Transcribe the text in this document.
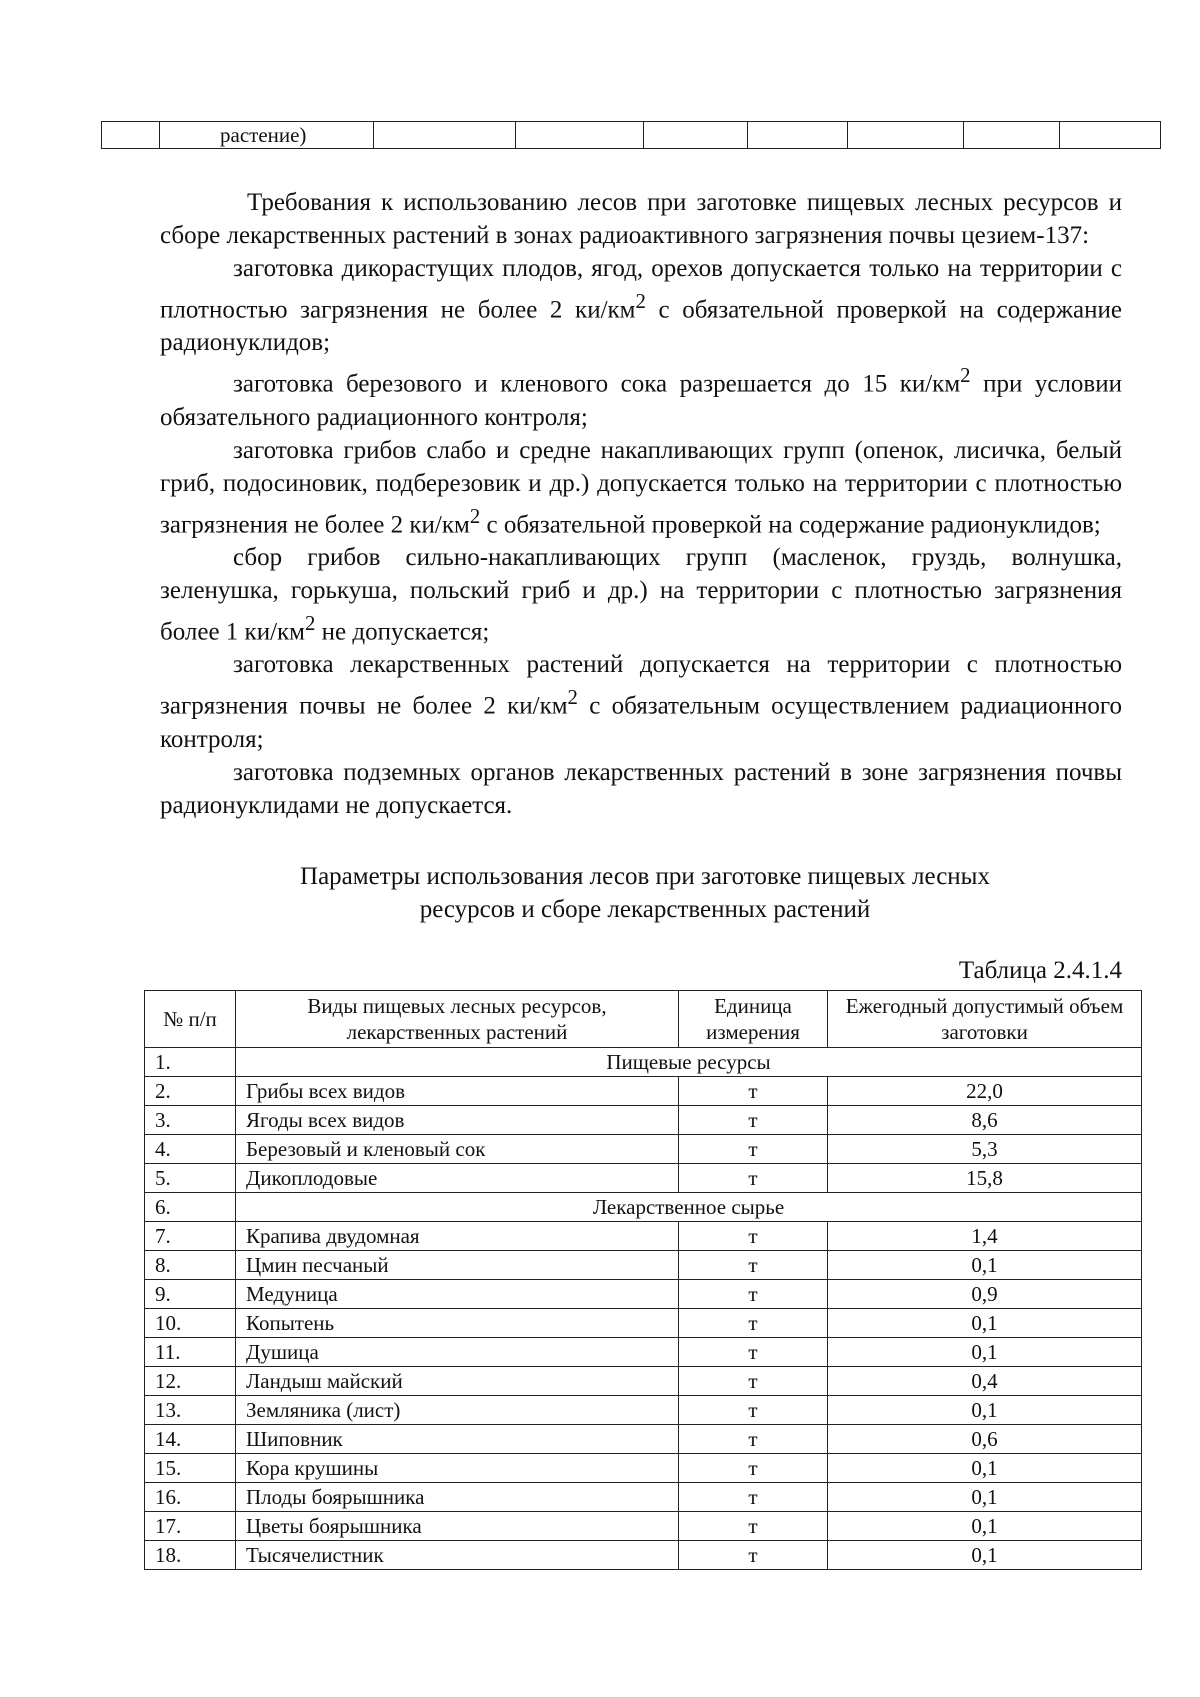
	растение)							

Требования к использованию лесов при заготовке пищевых лесных ресурсов и сборе лекарственных растений в зонах радиоактивного загрязнения почвы цезием-137:

заготовка дикорастущих плодов, ягод, орехов допускается только на территории с плотностью загрязнения не более 2 $ки/км^2$ с обязательной проверкой на содержание радионуклидов;

заготовка березового и кленового сока разрешается до 15 $ки/км^2$ при условии обязательного радиационного контроля;

заготовка грибов слабо и средне накапливающих групп (опенок, лисичка, белый гриб, подосиновик, подберезовик и др.) допускается только на территории с плотностью загрязнения не более 2 $ки/км^2$ с обязательной проверкой на содержание радионуклидов;

сбор грибов сильно-накапливающих групп (масленок, груздь, волнушка, зеленушка, горькуша, польский гриб и др.) на территории с плотностью загрязнения более 1 $ки/км^2$ не допускается;

заготовка лекарственных растений допускается на территории с плотностью загрязнения почвы не более 2 $ки/км^2$ с обязательным осуществлением радиационного контроля;

заготовка подземных органов лекарственных растений в зоне загрязнения почвы радионуклидами не допускается.

Параметры использования лесов при заготовке пищевых лесных
ресурсов и сборе лекарственных растений
Таблица 2.4.1.4
№ п/п	Виды пищевых лесных ресурсов, лекарственных растений	Единица измерения	Ежегодный допустимый объем заготовки
1.	Пищевые ресурсы		
2.	Грибы всех видов	т	22,0
3.	Ягоды всех видов	т	8,6
4.	Березовый и кленовый сок	т	5,3
5.	Дикоплодовые	т	15,8
6.	Лекарственное сырье		
7.	Крапива двудомная	т	1,4
8.	Цмин песчаный	т	0,1
9.	Медуница	т	0,9
10.	Копытень	т	0,1
11.	Душица	т	0,1
12.	Ландыш майский	т	0,4
13.	Земляника (лист)	т	0,1
14.	Шиповник	т	0,6
15.	Кора крушины	т	0,1
16.	Плоды боярышника	т	0,1
17.	Цветы боярышника	т	0,1
18.	Тысячелистник	т	0,1
